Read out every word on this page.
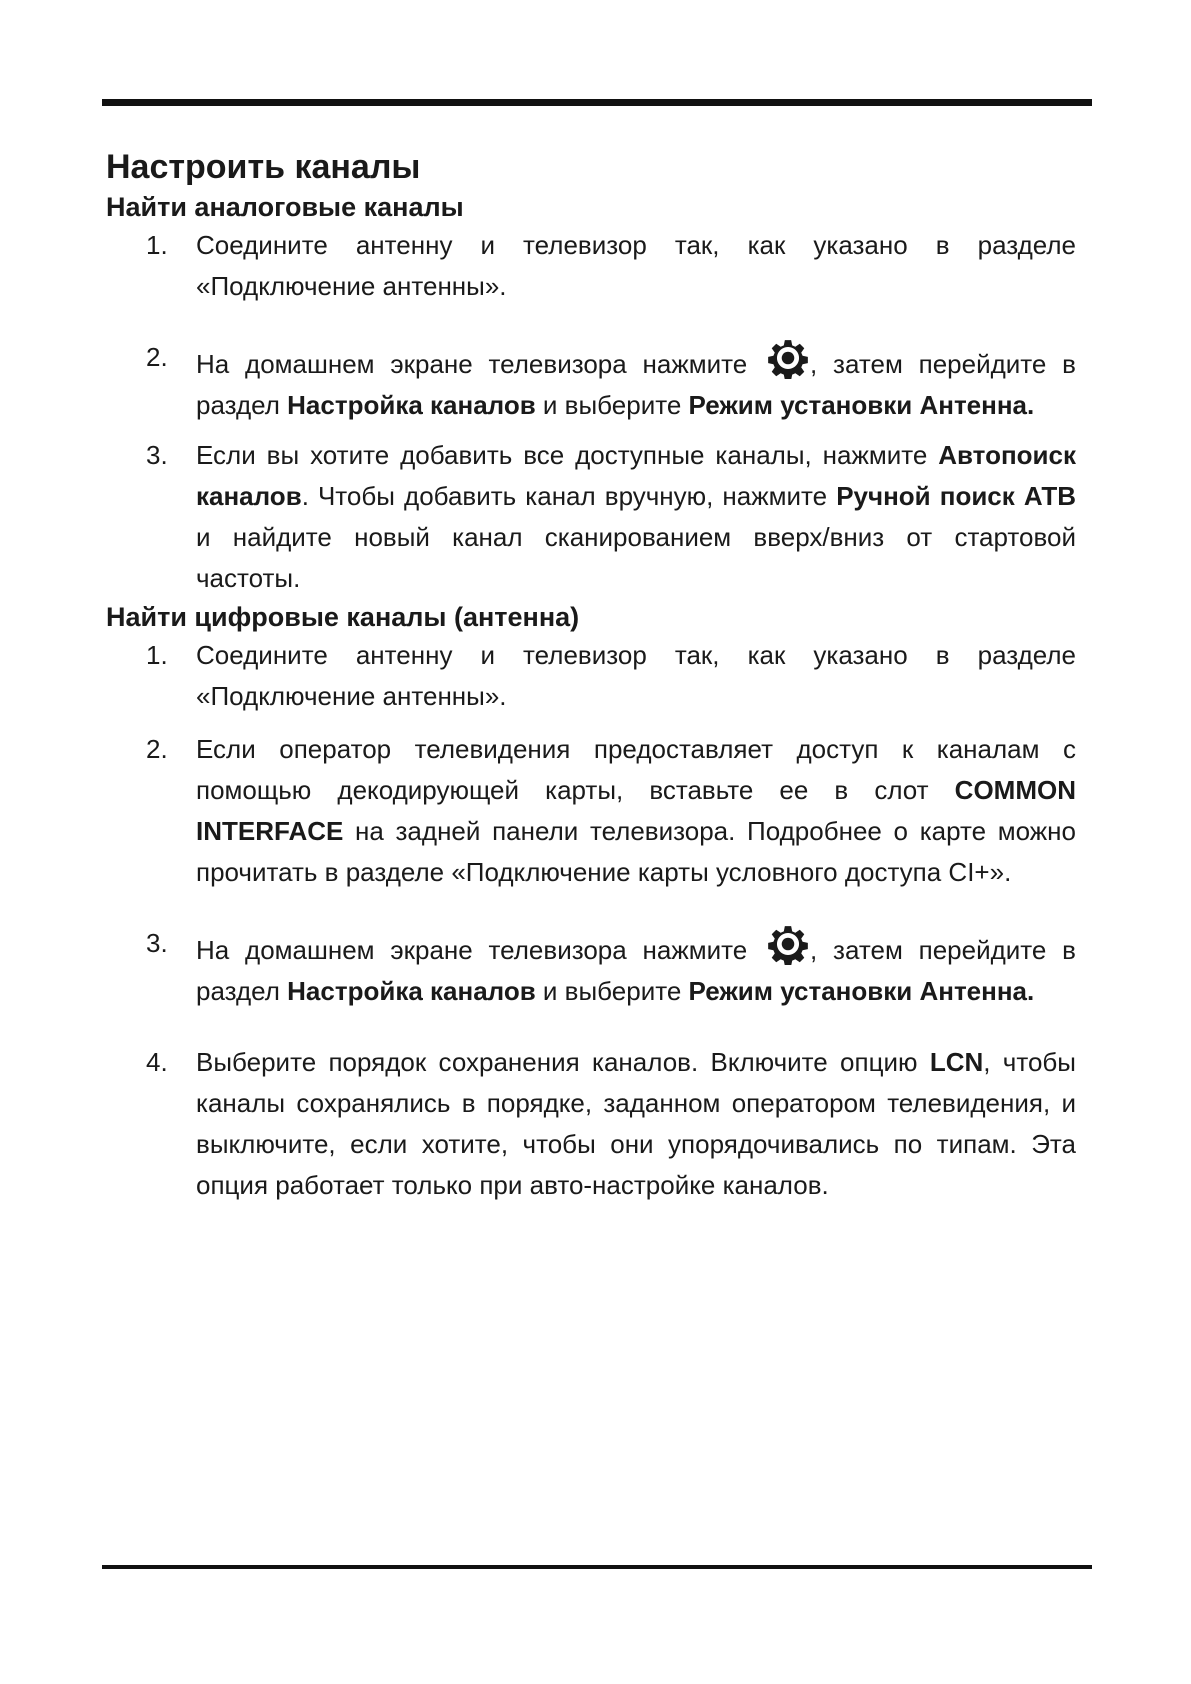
Настроить каналы
Найти аналоговые каналы
1. Соедините антенну и телевизор так, как указано в разделе «Подключение антенны».
2. На домашнем экране телевизора нажмите
, затем перейдите в раздел Настройка каналов и выберите Режим установки Антенна.
3. Если вы хотите добавить все доступные каналы, нажмите Автопоиск каналов. Чтобы добавить канал вручную, нажмите Ручной поиск АТВ и найдите новый канал сканированием вверх/вниз от стартовой частоты.
Найти цифровые каналы (антенна)
1. Соедините антенну и телевизор так, как указано в разделе «Подключение антенны».
2. Если оператор телевидения предоставляет доступ к каналам с помощью декодирующей карты, вставьте ее в слот COMMON INTERFACE на задней панели телевизора. Подробнее о карте можно прочитать в разделе «Подключение карты условного доступа CI+».
3. На домашнем экране телевизора нажмите
, затем перейдите в раздел Настройка каналов и выберите Режим установки Антенна.
4. Выберите порядок сохранения каналов. Включите опцию LCN, чтобы каналы сохранялись в порядке, заданном оператором телевидения, и выключите, если хотите, чтобы они упорядочивались по типам. Эта опция работает только при авто-настройке каналов.
